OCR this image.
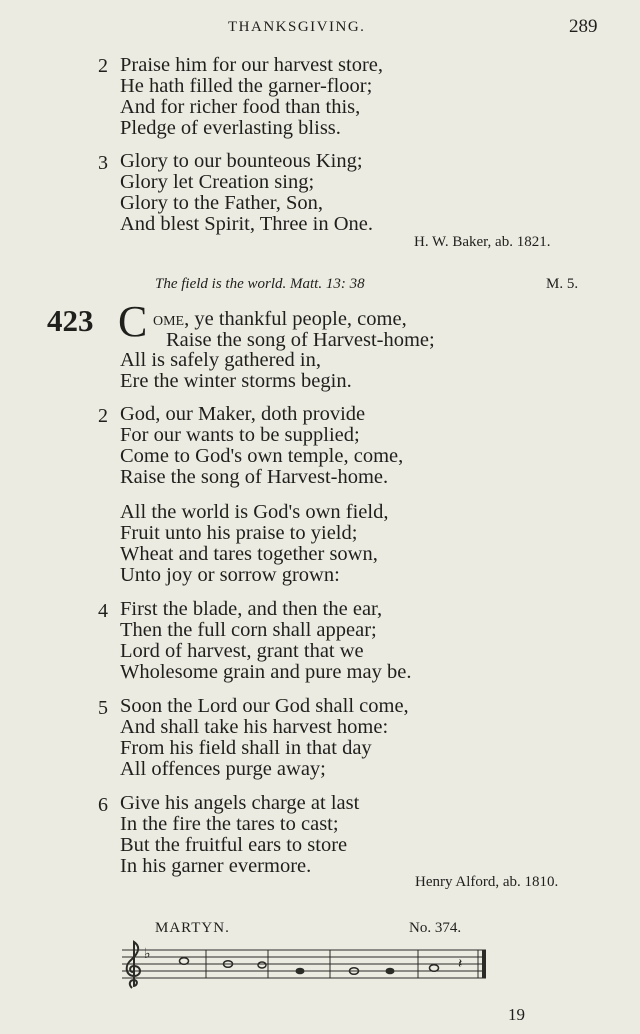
THANKSGIVING.	289
2 Praise him for our harvest store,
He hath filled the garner-floor;
And for richer food than this,
Pledge of everlasting bliss.
3 Glory to our bounteous King;
Glory let Creation sing;
Glory to the Father, Son,
And blest Spirit, Three in One.
H. W. Baker, ab. 1821.
The field is the world. Matt. 13: 38	M. 5.
423 C ome, ye thankful people, come,
Raise the song of Harvest-home;
All is safely gathered in,
Ere the winter storms begin.
2 God, our Maker, doth provide
For our wants to be supplied;
Come to God's own temple, come,
Raise the song of Harvest-home.
All the world is God's own field,
Fruit unto his praise to yield;
Wheat and tares together sown,
Unto joy or sorrow grown:
4 First the blade, and then the ear,
Then the full corn shall appear;
Lord of harvest, grant that we
Wholesome grain and pure may be.
5 Soon the Lord our God shall come,
And shall take his harvest home:
From his field shall in that day
All offences purge away;
6 Give his angels charge at last
In the fire the tares to cast;
But the fruitful ears to store
In his garner evermore.
Henry Alford, ab. 1810.
MARTYN.	No. 374.
♭
𝄽
19
